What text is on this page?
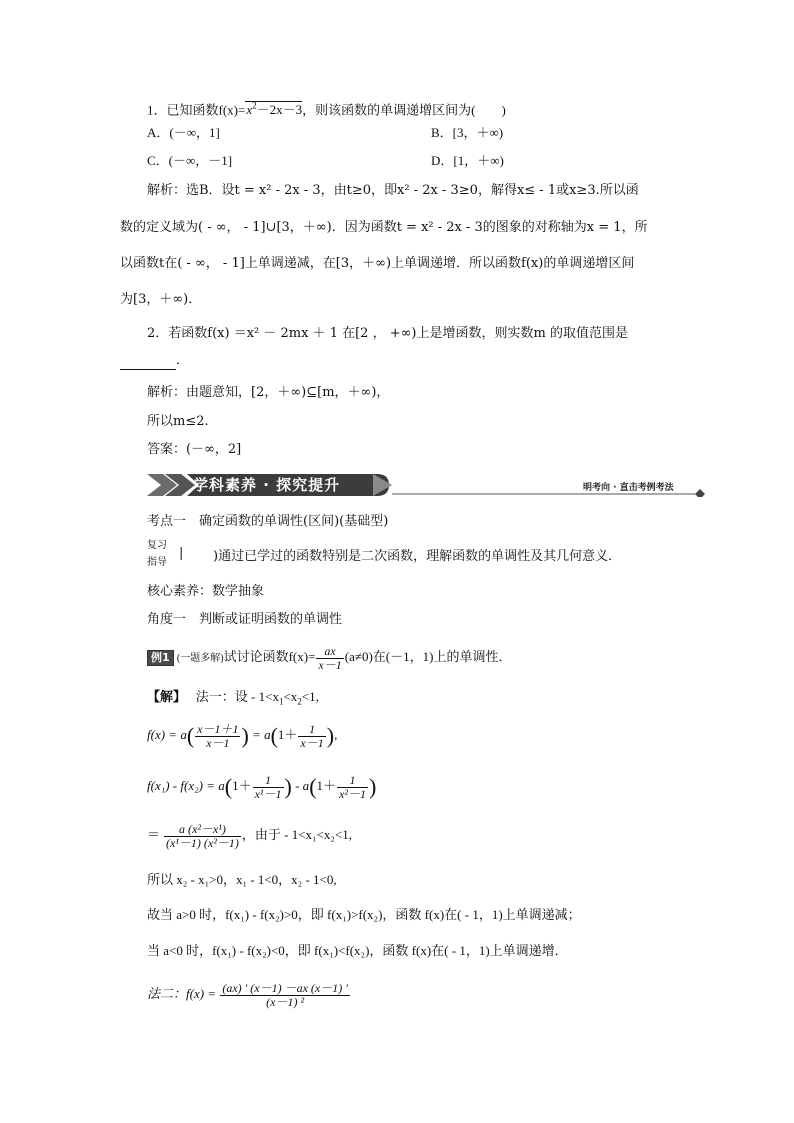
1．已知函数$f(x)=x^2-2x-3$，则该函数的单调递增区间为(　　)
A．(－∞，1]	B．[3，＋∞)
C．(－∞，－1]	D．[1，＋∞)
解析：选B．设t = x² - 2x - 3，由t≥0，即x² - 2x - 3≥0，解得x≤ - 1或x≥3.所以函
数的定义域为( - ∞， - 1]∪[3，＋∞)．因为函数t = x² - 2x - 3的图象的对称轴为x = 1，所
以函数t在( - ∞， - 1]上单调递减，在[3，＋∞)上单调递增．所以函数f(x)的单调递增区间
为[3，＋∞)．
2．若函数f(x) ＝x² － 2mx ＋ 1 在[2 ， +∞)上是增函数，则实数m 的取值范围是
．
解析：由题意知，[2，＋∞)⊆[m，＋∞)，
所以m≤2.
答案：(－∞，2]
学科素养 · 探究提升	明考向 · 直击考例考法
考点一　确定函数的单调性(区间)(基础型)
复习
指导
| )通过已学过的函数特别是二次函数，理解函数的单调性及其几何意义．
核心素养：数学抽象
角度一　判断或证明函数的单调性
例1 (一题多解)试讨论函数$f(x)= \frac{ax}{x-1} (a\ne 0)$在(－1，1)上的单调性．
【解】　 法一：设 - $1<x_1<x_2<1$,
$f(x) = a( \frac{x-1+1}{x-1}$ ) = $a(1+ \frac{1}{x-1}$ ),
$f(x_1) - f(x_2) = a(1+ \frac{1}{\text{x¹－1}}$ ) - $a(1+ \frac{1}{\text{x²－1}}$ )
＝ $\frac{\text{a (x²－x¹)}}{\text{(x¹－1) (x²－1)}}$ ，由于 - 1<x₁<x₂<1,
所以 x₂ - x₁>0，x₁ - 1<0，x₂ - 1<0,
故当 a>0 时，f(x₁) - f(x₂)>0，即 f(x₁)>f(x₂)，函数 f(x)在( - 1，1)上单调递减；
当 a<0 时，f(x₁) - f(x₂)<0，即 f(x₁)<f(x₂)，函数 f(x)在( - 1，1)上单调递增．
法二：$f(x) = \frac{(ax) ' (x-1) -ax (x-1) '}{\text{(x－1) ²}}$
